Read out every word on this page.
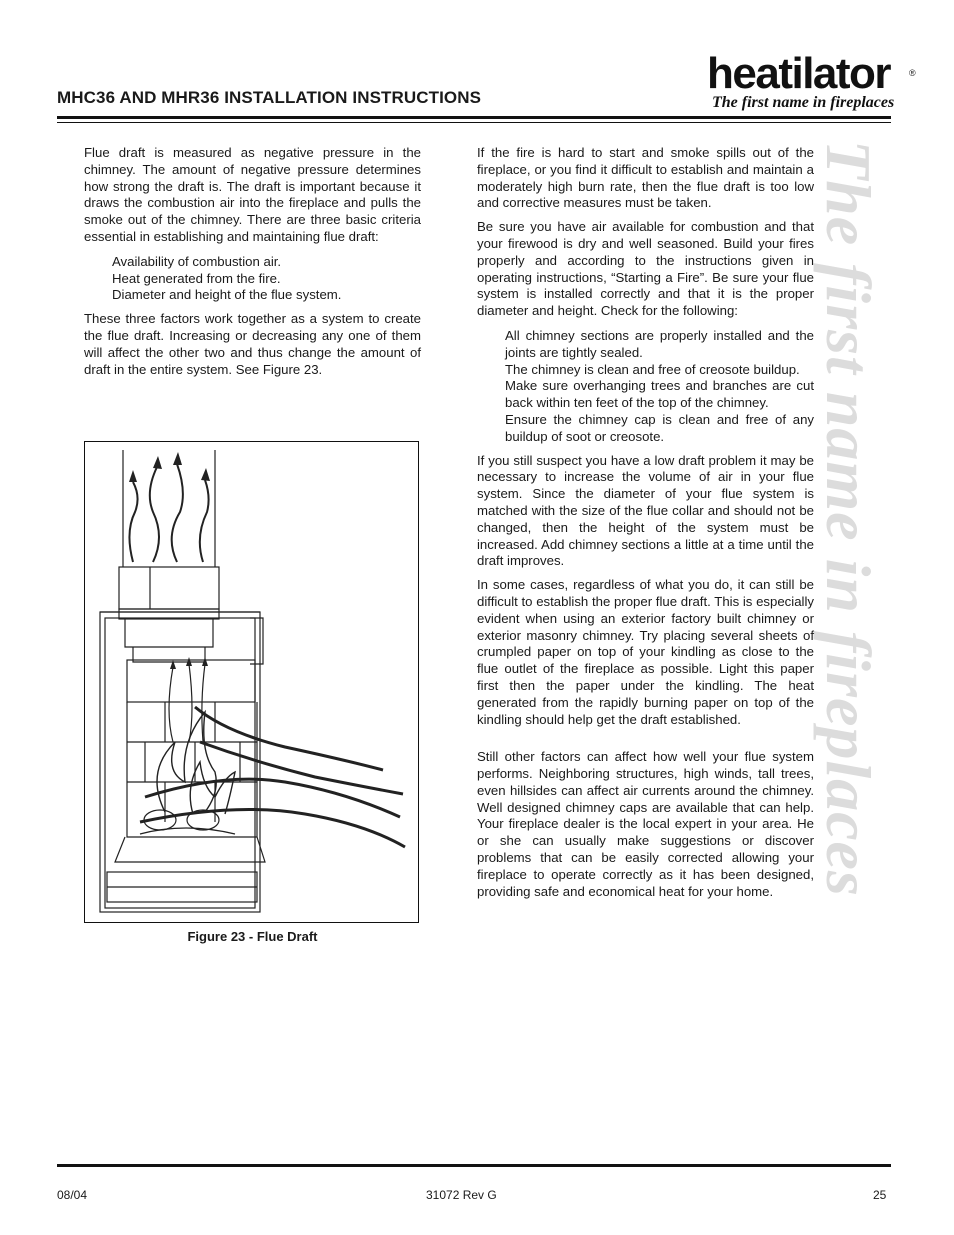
MHC36 AND MHR36 INSTALLATION INSTRUCTIONS	heatilator ®
The first name in fireplaces
The first name in fireplaces

Flue draft is measured as negative pressure in the chimney. The amount of negative pressure determines how strong the draft is. The draft is important because it draws the combustion air into the fireplace and pulls the smoke out of the chimney. There are three basic criteria essential in establishing and maintaining flue draft:

Availability of combustion air.
Heat generated from the fire.
Diameter and height of the flue system.

These three factors work together as a system to create the flue draft. Increasing or decreasing any one of them will affect the other two and thus change the amount of draft in the entire system. See Figure 23.

Figure 23 - Flue Draft

If the fire is hard to start and smoke spills out of the fireplace, or you find it difficult to establish and maintain a moderately high burn rate, then the flue draft is too low and corrective measures must be taken.

Be sure you have air available for combustion and that your firewood is dry and well seasoned. Build your fires properly and according to the instructions given in operating instructions, “Starting a Fire”. Be sure your flue system is installed correctly and that it is the proper diameter and height. Check for the following:

All chimney sections are properly installed and the joints are tightly sealed.
The chimney is clean and free of creosote buildup.
Make sure overhanging trees and branches are cut back within ten feet of the top of the chimney.
Ensure the chimney cap is clean and free of any buildup of soot or creosote.

If you still suspect you have a low draft problem it may be necessary to increase the volume of air in your flue system. Since the diameter of your flue system is matched with the size of the flue collar and should not be changed, then the height of the system must be increased. Add chimney sections a little at a time until the draft improves.

In some cases, regardless of what you do, it can still be difficult to establish the proper flue draft. This is especially evident when using an exterior factory built chimney or exterior masonry chimney. Try placing several sheets of crumpled paper on top of your kindling as close to the flue outlet of the fireplace as possible. Light this paper first then the paper under the kindling. The heat generated from the rapidly burning paper on top of the kindling should help get the draft established.

Still other factors can affect how well your flue system performs. Neighboring structures, high winds, tall trees, even hillsides can affect air currents around the chimney. Well designed chimney caps are available that can help. Your fireplace dealer is the local expert in your area. He or she can usually make suggestions or discover problems that can be easily corrected allowing your fireplace to operate correctly as it has been designed, providing safe and economical heat for your home.

08/04	31072 Rev G	25
